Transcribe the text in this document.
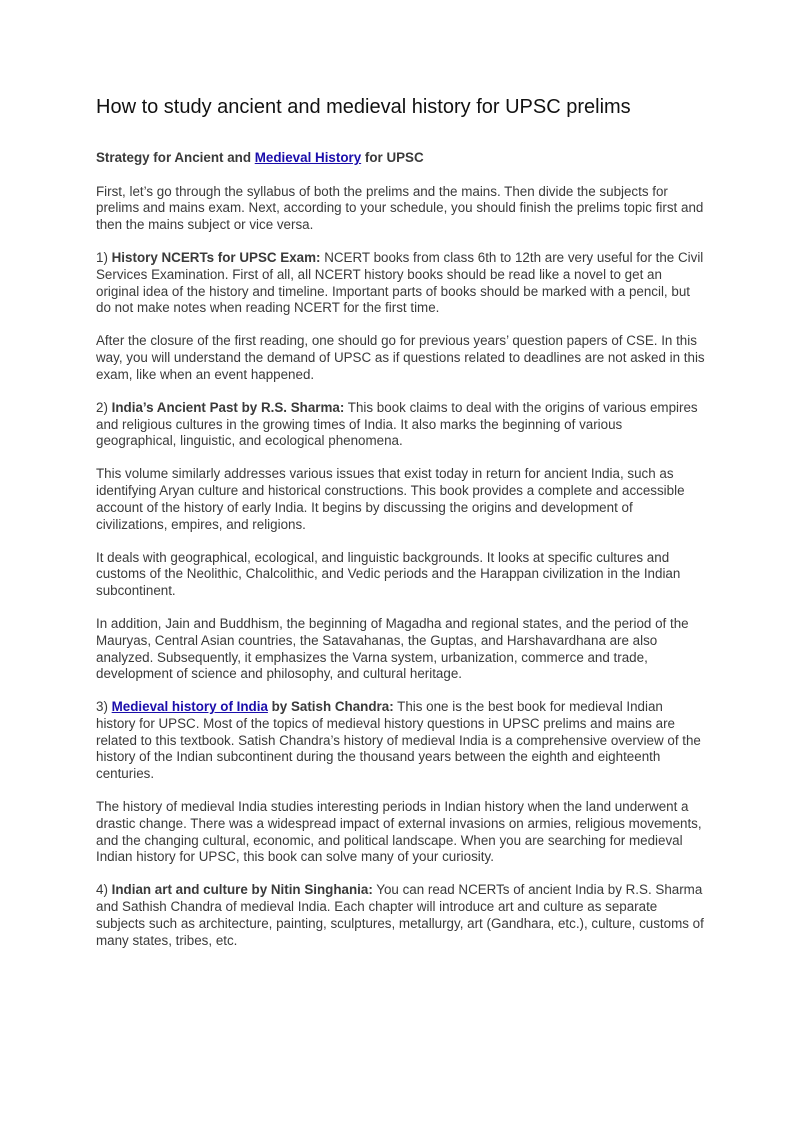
How to study ancient and medieval history for UPSC prelims

Strategy for Ancient and Medieval History for UPSC

First, let’s go through the syllabus of both the prelims and the mains. Then divide the subjects for prelims and mains exam. Next, according to your schedule, you should finish the prelims topic first and then the mains subject or vice versa.

1) History NCERTs for UPSC Exam: NCERT books from class 6th to 12th are very useful for the Civil Services Examination. First of all, all NCERT history books should be read like a novel to get an original idea of the history and timeline. Important parts of books should be marked with a pencil, but do not make notes when reading NCERT for the first time.

After the closure of the first reading, one should go for previous years’ question papers of CSE. In this way, you will understand the demand of UPSC as if questions related to deadlines are not asked in this exam, like when an event happened.

2) India’s Ancient Past by R.S. Sharma: This book claims to deal with the origins of various empires and religious cultures in the growing times of India. It also marks the beginning of various geographical, linguistic, and ecological phenomena.

This volume similarly addresses various issues that exist today in return for ancient India, such as identifying Aryan culture and historical constructions. This book provides a complete and accessible account of the history of early India. It begins by discussing the origins and development of civilizations, empires, and religions.

It deals with geographical, ecological, and linguistic backgrounds. It looks at specific cultures and customs of the Neolithic, Chalcolithic, and Vedic periods and the Harappan civilization in the Indian subcontinent.

In addition, Jain and Buddhism, the beginning of Magadha and regional states, and the period of the Mauryas, Central Asian countries, the Satavahanas, the Guptas, and Harshavardhana are also analyzed. Subsequently, it emphasizes the Varna system, urbanization, commerce and trade, development of science and philosophy, and cultural heritage.

3) Medieval history of India by Satish Chandra: This one is the best book for medieval Indian history for UPSC. Most of the topics of medieval history questions in UPSC prelims and mains are related to this textbook. Satish Chandra’s history of medieval India is a comprehensive overview of the history of the Indian subcontinent during the thousand years between the eighth and eighteenth centuries.

The history of medieval India studies interesting periods in Indian history when the land underwent a drastic change. There was a widespread impact of external invasions on armies, religious movements, and the changing cultural, economic, and political landscape. When you are searching for medieval Indian history for UPSC, this book can solve many of your curiosity.

4) Indian art and culture by Nitin Singhania: You can read NCERTs of ancient India by R.S. Sharma and Sathish Chandra of medieval India. Each chapter will introduce art and culture as separate subjects such as architecture, painting, sculptures, metallurgy, art (Gandhara, etc.), culture, customs of many states, tribes, etc.
